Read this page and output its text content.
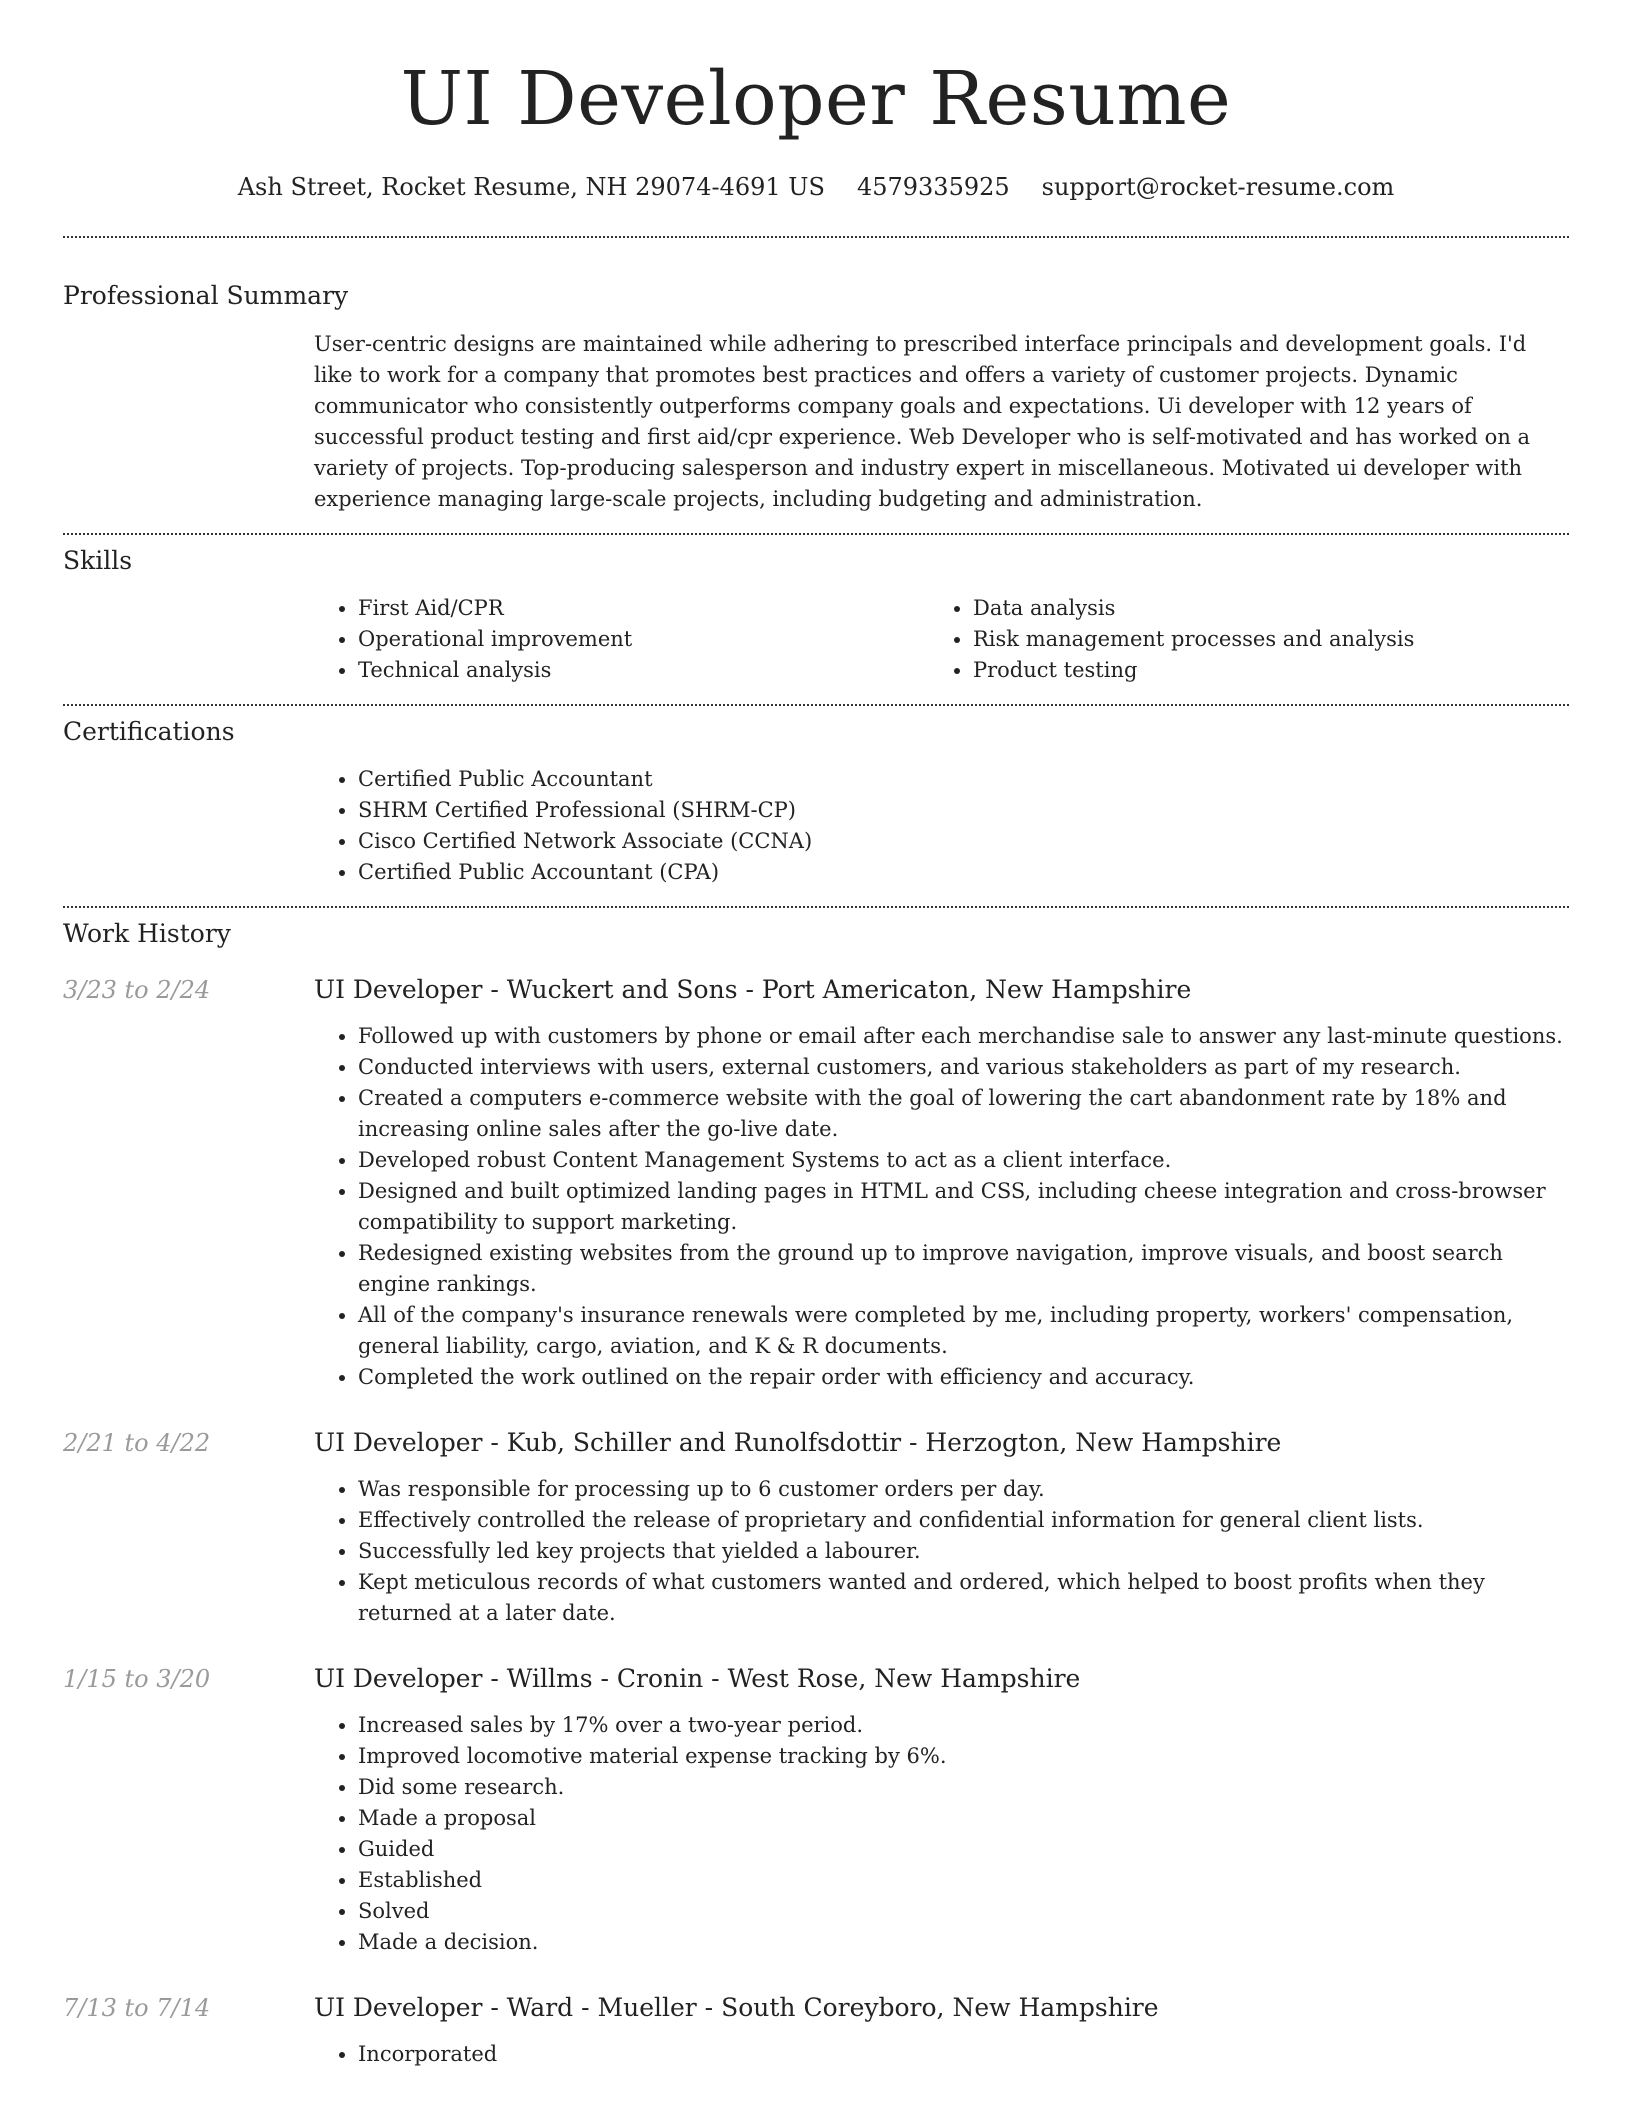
UI Developer Resume
Ash Street, Rocket Resume, NH 29074-4691 US 4579335925 support@rocket-resume.com
Professional Summary

User-centric designs are maintained while adhering to prescribed interface principals and development goals. I'd like to work for a company that promotes best practices and offers a variety of customer projects. Dynamic communicator who consistently outperforms company goals and expectations. Ui developer with 12 years of successful product testing and first aid/cpr experience. Web Developer who is self-motivated and has worked on a variety of projects. Top-producing salesperson and industry expert in miscellaneous. Motivated ui developer with experience managing large-scale projects, including budgeting and administration.

Skills
• First Aid/CPR
• Operational improvement
• Technical analysis
• Data analysis
• Risk management processes and analysis
• Product testing
Certifications
• Certified Public Accountant
• SHRM Certified Professional (SHRM-CP)
• Cisco Certified Network Associate (CCNA)
• Certified Public Accountant (CPA)
Work History
3/23 to 2/24	UI Developer - Wuckert and Sons - Port Americaton, New Hampshire
• Followed up with customers by phone or email after each merchandise sale to answer any last-minute questions.
• Conducted interviews with users, external customers, and various stakeholders as part of my research.
• Created a computers e-commerce website with the goal of lowering the cart abandonment rate by 18% and increasing online sales after the go-live date.
• Developed robust Content Management Systems to act as a client interface.
• Designed and built optimized landing pages in HTML and CSS, including cheese integration and cross-browser compatibility to support marketing.
• Redesigned existing websites from the ground up to improve navigation, improve visuals, and boost search engine rankings.
• All of the company's insurance renewals were completed by me, including property, workers' compensation, general liability, cargo, aviation, and K & R documents.
• Completed the work outlined on the repair order with efficiency and accuracy.
2/21 to 4/22	UI Developer - Kub, Schiller and Runolfsdottir - Herzogton, New Hampshire
• Was responsible for processing up to 6 customer orders per day.
• Effectively controlled the release of proprietary and confidential information for general client lists.
• Successfully led key projects that yielded a labourer.
• Kept meticulous records of what customers wanted and ordered, which helped to boost profits when they returned at a later date.
1/15 to 3/20	UI Developer - Willms - Cronin - West Rose, New Hampshire
• Increased sales by 17% over a two-year period.
• Improved locomotive material expense tracking by 6%.
• Did some research.
• Made a proposal
• Guided
• Established
• Solved
• Made a decision.
7/13 to 7/14	UI Developer - Ward - Mueller - South Coreyboro, New Hampshire
• Incorporated
